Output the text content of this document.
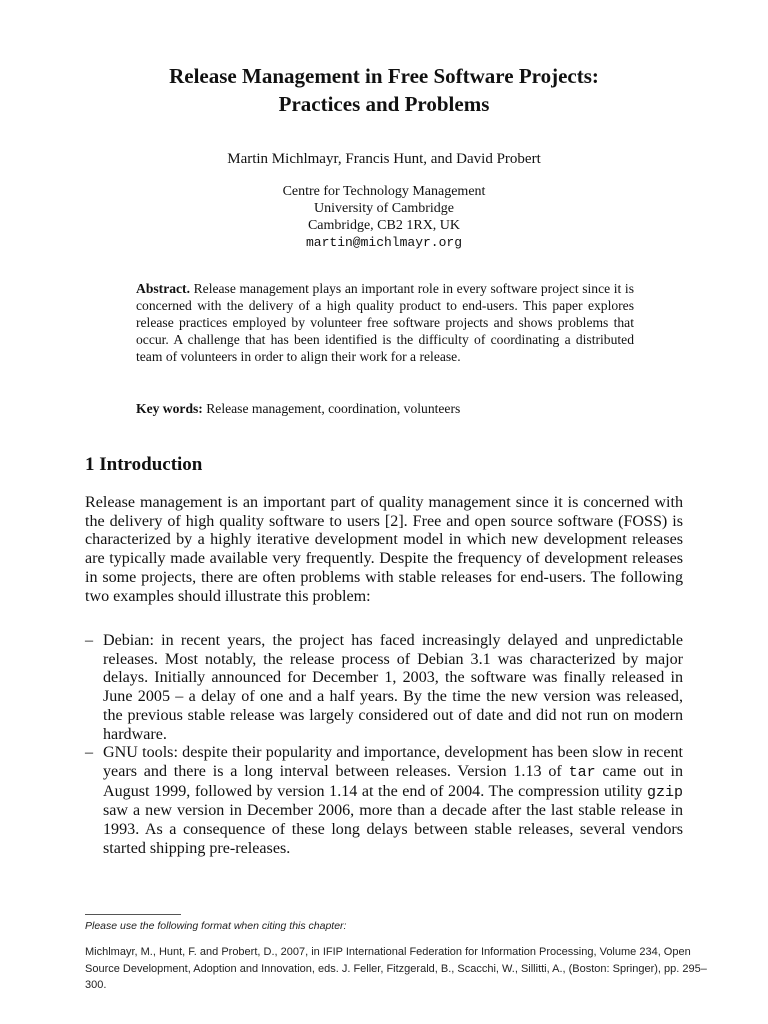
Release Management in Free Software Projects:
Practices and Problems
Martin Michlmayr, Francis Hunt, and David Probert
Centre for Technology Management
University of Cambridge
Cambridge, CB2 1RX, UK
martin@michlmayr.org
Abstract. Release management plays an important role in every software project since it is concerned with the delivery of a high quality product to end-users. This paper explores release practices employed by volunteer free software projects and shows problems that occur. A challenge that has been identified is the difficulty of coordinating a distributed team of volunteers in order to align their work for a release.
Key words: Release management, coordination, volunteers
1 Introduction

Release management is an important part of quality management since it is concerned with the delivery of high quality software to users [2]. Free and open source software (FOSS) is characterized by a highly iterative development model in which new development releases are typically made available very frequently. Despite the frequency of development releases in some projects, there are often problems with stable releases for end-users. The following two examples should illustrate this problem:

– Debian: in recent years, the project has faced increasingly delayed and unpredictable releases. Most notably, the release process of Debian 3.1 was characterized by major delays. Initially announced for December 1, 2003, the software was finally released in June 2005 – a delay of one and a half years. By the time the new version was released, the previous stable release was largely considered out of date and did not run on modern hardware.
– GNU tools: despite their popularity and importance, development has been slow in recent years and there is a long interval between releases. Version 1.13 of tar came out in August 1999, followed by version 1.14 at the end of 2004. The compression utility gzip saw a new version in December 2006, more than a decade after the last stable release in 1993. As a consequence of these long delays between stable releases, several vendors started shipping pre-releases.
Please use the following format when citing this chapter:
Michlmayr, M., Hunt, F. and Probert, D., 2007, in IFIP International Federation for Information Processing, Volume 234, Open Source Development, Adoption and Innovation, eds. J. Feller, Fitzgerald, B., Scacchi, W., Sillitti, A., (Boston: Springer), pp. 295–300.
